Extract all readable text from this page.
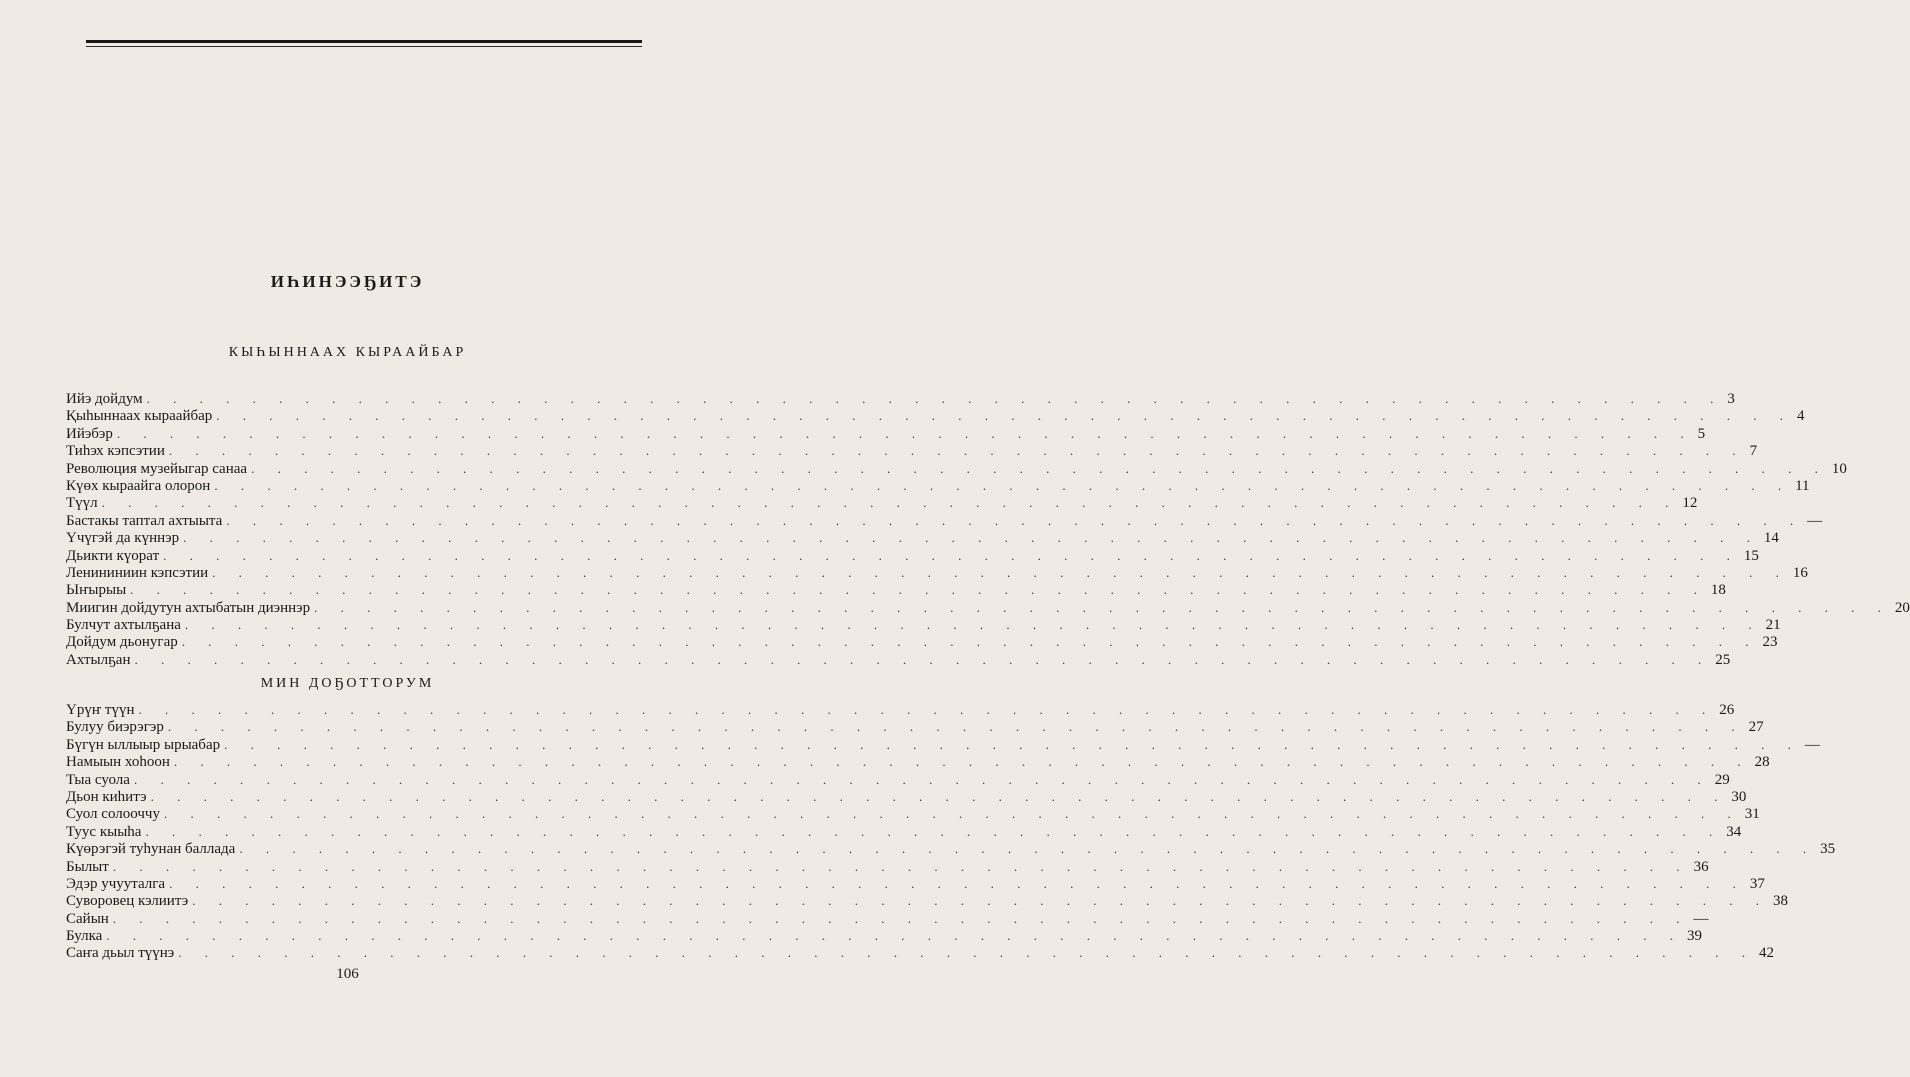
ИҺИНЭЭҔИТЭ
КЫҺЫННААХ КЫРААЙБАР
Ийэ дойдум . . . . . . . . . . . . . . . . . . . . . . . . . . . . . . . . . . . . . . . . . . . . . . . . . . . . . . . . . . . . 3
Қыһыннаах кыраайбар . . . . . . . . . . . . . . . . . . . . . . . . . . . . . . . . . . . . . . . . . . . . . . . . . . . . . . . . . . . . 4
Ийэбэр . . . . . . . . . . . . . . . . . . . . . . . . . . . . . . . . . . . . . . . . . . . . . . . . . . . . . . . . . . . . 5
Тиһэх кэпсэтии . . . . . . . . . . . . . . . . . . . . . . . . . . . . . . . . . . . . . . . . . . . . . . . . . . . . . . . . . . . . 7
Революция музейыгар санаа . . . . . . . . . . . . . . . . . . . . . . . . . . . . . . . . . . . . . . . . . . . . . . . . . . . . . . . . . . . . 10
Күөх кыраайга олорон . . . . . . . . . . . . . . . . . . . . . . . . . . . . . . . . . . . . . . . . . . . . . . . . . . . . . . . . . . . . 11
Түүл . . . . . . . . . . . . . . . . . . . . . . . . . . . . . . . . . . . . . . . . . . . . . . . . . . . . . . . . . . . . 12
Бастакы таптал ахтыыта . . . . . . . . . . . . . . . . . . . . . . . . . . . . . . . . . . . . . . . . . . . . . . . . . . . . . . . . . . . . —
Үчүгэй да күннэр . . . . . . . . . . . . . . . . . . . . . . . . . . . . . . . . . . . . . . . . . . . . . . . . . . . . . . . . . . . . 14
Дьикти күорат . . . . . . . . . . . . . . . . . . . . . . . . . . . . . . . . . . . . . . . . . . . . . . . . . . . . . . . . . . . . 15
Ленининиин кэпсэтии . . . . . . . . . . . . . . . . . . . . . . . . . . . . . . . . . . . . . . . . . . . . . . . . . . . . . . . . . . . . 16
Ыҥырыы . . . . . . . . . . . . . . . . . . . . . . . . . . . . . . . . . . . . . . . . . . . . . . . . . . . . . . . . . . . . 18
Миигин дойдутун ахтыбатын диэннэр . . . . . . . . . . . . . . . . . . . . . . . . . . . . . . . . . . . . . . . . . . . . . . . . . . . . . . . . . . . . 20
Булчут ахтылҕана . . . . . . . . . . . . . . . . . . . . . . . . . . . . . . . . . . . . . . . . . . . . . . . . . . . . . . . . . . . . 21
Дойдум дьонугар . . . . . . . . . . . . . . . . . . . . . . . . . . . . . . . . . . . . . . . . . . . . . . . . . . . . . . . . . . . . 23
Ахтылҕан . . . . . . . . . . . . . . . . . . . . . . . . . . . . . . . . . . . . . . . . . . . . . . . . . . . . . . . . . . . . 25
МИН ДОҔОТТОРУМ
Үрүҥ түүн . . . . . . . . . . . . . . . . . . . . . . . . . . . . . . . . . . . . . . . . . . . . . . . . . . . . . . . . . . . . 26
Булуу биэрэгэр . . . . . . . . . . . . . . . . . . . . . . . . . . . . . . . . . . . . . . . . . . . . . . . . . . . . . . . . . . . . 27
Бүгүн ыллыыр ырыабар . . . . . . . . . . . . . . . . . . . . . . . . . . . . . . . . . . . . . . . . . . . . . . . . . . . . . . . . . . . . —
Намыын хоһоон . . . . . . . . . . . . . . . . . . . . . . . . . . . . . . . . . . . . . . . . . . . . . . . . . . . . . . . . . . . . 28
Тыа суола . . . . . . . . . . . . . . . . . . . . . . . . . . . . . . . . . . . . . . . . . . . . . . . . . . . . . . . . . . . . 29
Дьон киһитэ . . . . . . . . . . . . . . . . . . . . . . . . . . . . . . . . . . . . . . . . . . . . . . . . . . . . . . . . . . . . 30
Суол солооччу . . . . . . . . . . . . . . . . . . . . . . . . . . . . . . . . . . . . . . . . . . . . . . . . . . . . . . . . . . . . 31
Туус кыыһа . . . . . . . . . . . . . . . . . . . . . . . . . . . . . . . . . . . . . . . . . . . . . . . . . . . . . . . . . . . . 34
Күөрэгэй туһунан баллада . . . . . . . . . . . . . . . . . . . . . . . . . . . . . . . . . . . . . . . . . . . . . . . . . . . . . . . . . . . . 35
Былыт . . . . . . . . . . . . . . . . . . . . . . . . . . . . . . . . . . . . . . . . . . . . . . . . . . . . . . . . . . . . 36
Эдэр учууталга . . . . . . . . . . . . . . . . . . . . . . . . . . . . . . . . . . . . . . . . . . . . . . . . . . . . . . . . . . . . 37
Суворовец кэлиитэ . . . . . . . . . . . . . . . . . . . . . . . . . . . . . . . . . . . . . . . . . . . . . . . . . . . . . . . . . . . . 38
Сайын . . . . . . . . . . . . . . . . . . . . . . . . . . . . . . . . . . . . . . . . . . . . . . . . . . . . . . . . . . . . —
Булка . . . . . . . . . . . . . . . . . . . . . . . . . . . . . . . . . . . . . . . . . . . . . . . . . . . . . . . . . . . . 39
Саҥа дьыл түүнэ . . . . . . . . . . . . . . . . . . . . . . . . . . . . . . . . . . . . . . . . . . . . . . . . . . . . . . . . . . . . 42
106
